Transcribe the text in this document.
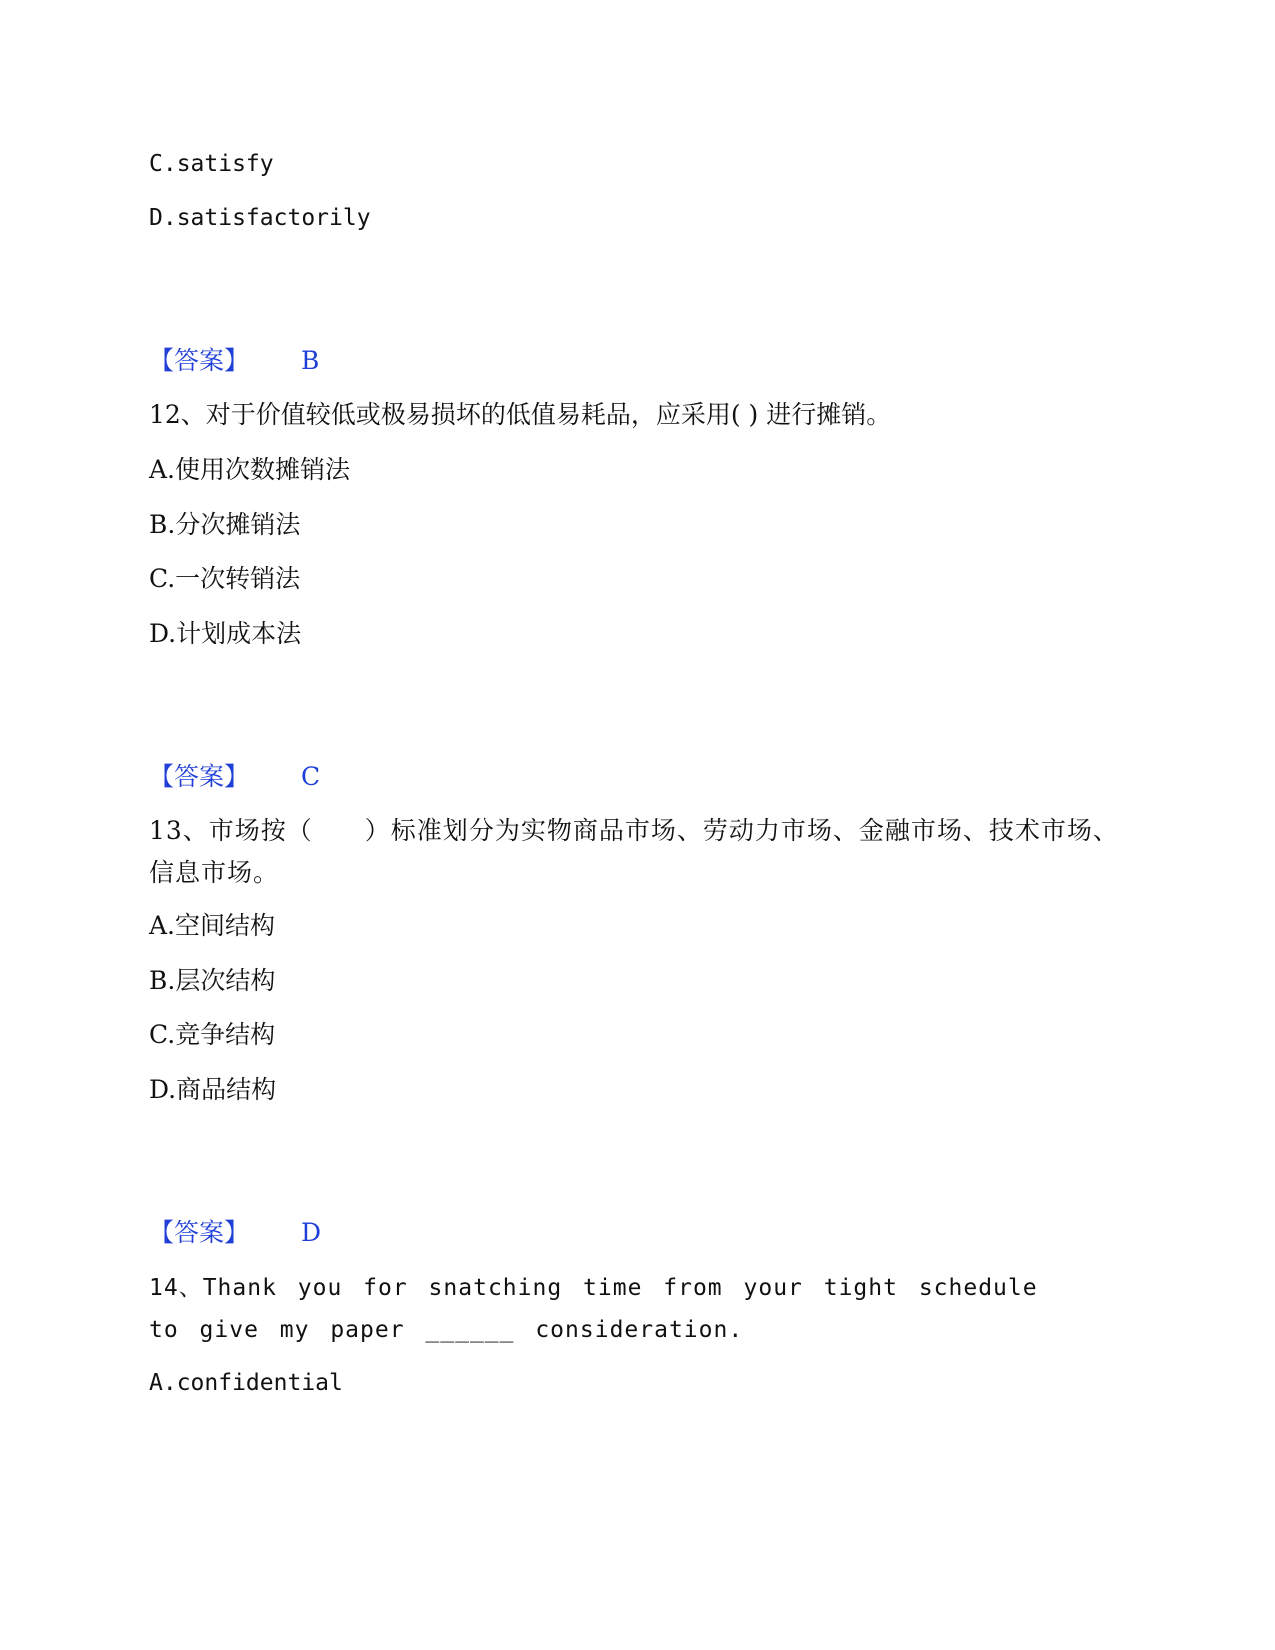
C.satisfy
D.satisfactorily
【答案】 B
12、对于价值较低或极易损坏的低值易耗品，应采用( ) 进行摊销。
A.使用次数摊销法
B.分次摊销法
C.一次转销法
D.计划成本法
【答案】 C
13、市场按（　　）标准划分为实物商品市场、劳动力市场、金融市场、技术市场、信息市场。
A.空间结构
B.层次结构
C.竞争结构
D.商品结构
【答案】 D
14、Thank you for snatching time from your tight schedule to give my paper ______ consideration.
A.confidential
